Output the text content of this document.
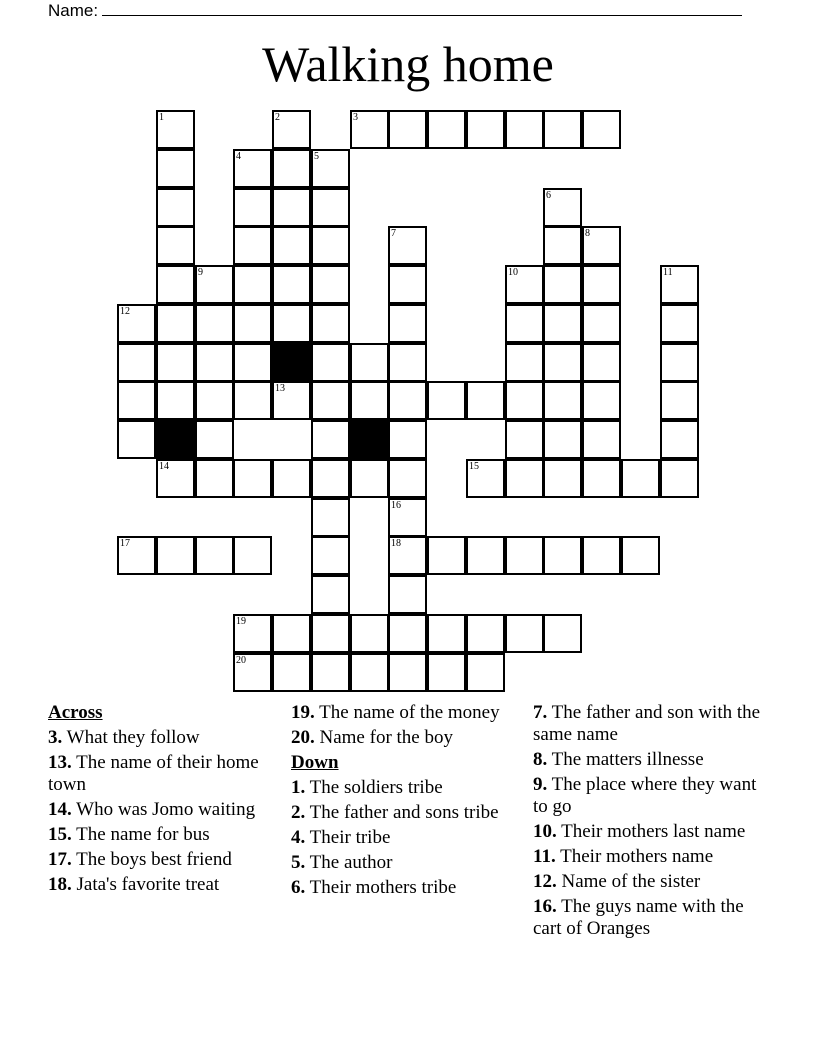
Name:
Walking home
3
13
14	15
17	18
19
20
12
1	2
4	5
6
7	8
9	10	11
16
Across
3. What they follow
13. The name of their home town
14. Who was Jomo waiting
15. The name for bus
17. The boys best friend
18. Jata's favorite treat
19. The name of the money
20. Name for the boy
Down
1. The soldiers tribe
2. The father and sons tribe
4. Their tribe
5. The author
6. Their mothers tribe
7. The father and son with the same name
8. The matters illnesse
9. The place where they want to go
10. Their mothers last name
11. Their mothers name
12. Name of the sister
16. The guys name with the cart of Oranges
